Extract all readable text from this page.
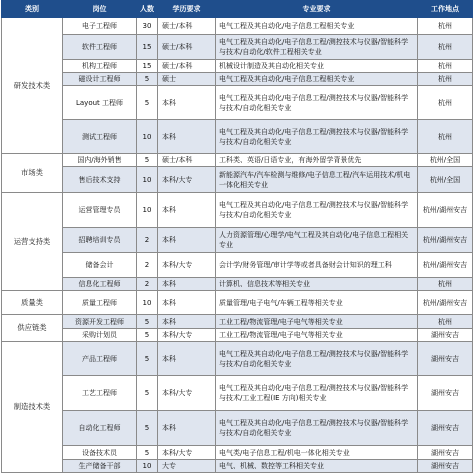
类别	岗位	人数	学历要求	专业要求	工作地点
研发技术类	电子工程师	30	硕士/本科	电气工程及其自动化/电子信息工程相关专业	杭州
	软件工程师	15	硕士/本科	电气工程及其自动化/电子信息工程/测控技术与仪器/智能科学与技术/自动化/软件工程相关专业	杭州
	机构工程师	15	硕士/本科	机械设计制造及其自动化相关专业	杭州
	磁设计工程师	5	硕士	电气工程及其自动化/电子信息工程相关专业	杭州
	Layout 工程师	5	本科	电气工程及其自动化/电子信息工程/测控技术与仪器/智能科学与技术/自动化相关专业	杭州
	测试工程师	10	本科	电气工程及其自动化/电子信息工程/测控技术与仪器/智能科学与技术/自动化相关专业	杭州
市场类	国内/海外销售	5	硕士/本科	工科类、英语/日语专业，有海外留学背景优先	杭州/全国
	售后技术支持	10	本科/大专	新能源汽车/汽车检测与维修/电子信息工程/汽车运用技术/机电一体化相关专业	杭州/全国
运营支持类	运营管理专员	10	本科	电气工程及其自动化/电子信息工程/测控技术与仪器/智能科学与技术/自动化相关专业	杭州/湖州安吉
	招聘培训专员	2	本科	人力资源管理/心理学/电气工程及其自动化/电子信息工程相关专业	杭州/湖州安吉
	储备会计	2	本科/大专	会计学/财务管理/审计学等或者具备财会计知识的理工科	杭州/湖州安吉
	信息化工程师	2	本科	计算机、信息技术等相关专业	杭州
质量类	质量工程师	10	本科	质量管理/电子电气/车辆工程等相关专业	杭州/湖州安吉
供应链类	资源开发工程师	5	本科	工业工程/物流管理/电子电气等相关专业	杭州
	采购计划员	5	本科/大专	工业工程/物流管理/电子电气等相关专业	湖州安吉
制造技术类	产品工程师	5	本科	电气工程及其自动化/电子信息工程/测控技术与仪器/智能科学与技术/自动化相关专业	湖州安吉
	工艺工程师	5	本科/大专	电气工程及其自动化/电子信息工程/测控技术与仪器/智能科学与技术/工业工程(IE 方向)相关专业	湖州安吉
	自动化工程师	5	本科	电气工程及其自动化/电子信息工程/测控技术与仪器/智能科学与技术/自动化相关专业	湖州安吉
	设备技术员	5	本科/大专	电气类/电子信息工程/机电一体化相关专业	湖州安吉
	生产储备干部	10	大专	电气、机械、数控等工科相关专业	湖州安吉
